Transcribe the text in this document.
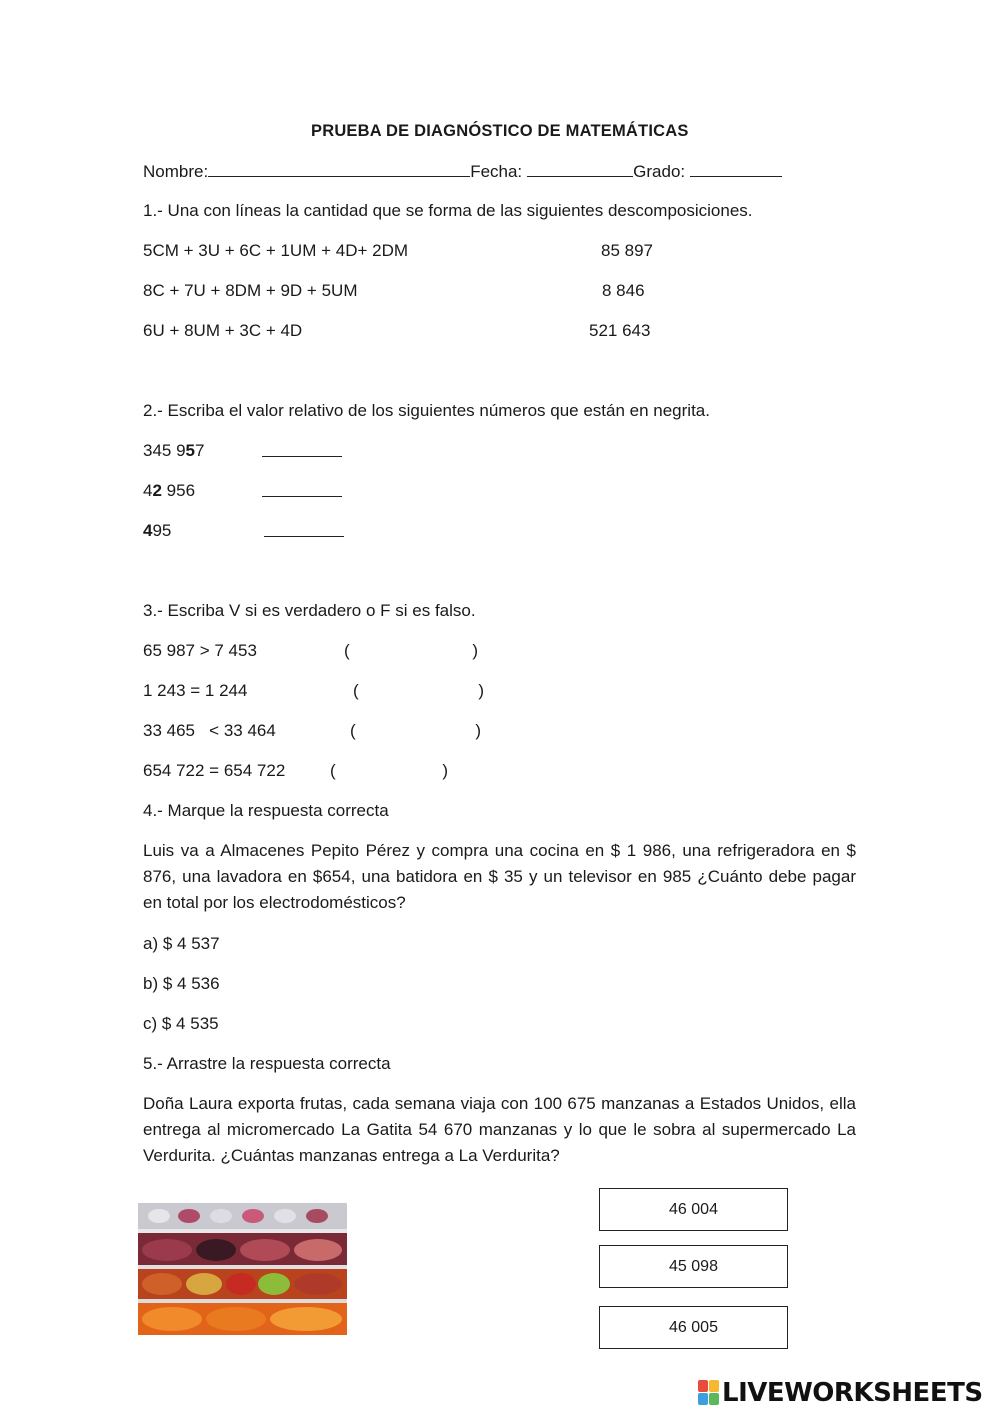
PRUEBA DE DIAGNÓSTICO DE MATEMÁTICAS
Nombre:	Fecha:	Grado:
1.- Una con líneas la cantidad que se forma de las siguientes descomposiciones.
5CM + 3U + 6C + 1UM + 4D+ 2DM	85 897
8C + 7U + 8DM + 9D + 5UM	8 846
6U + 8UM + 3C + 4D	521 643
2.- Escriba el valor relativo de los siguientes números que están en negrita.
345 957
42 956
495
3.- Escriba V si es verdadero o F si es falso.
65 987 > 7 453	(	)
1 243 = 1 244	(	)
33 465   < 33 464	(	)
654 722 = 654 722	(	)
4.- Marque la respuesta correcta
Luis va a Almacenes Pepito Pérez y compra una cocina en $ 1 986, una refrigeradora en $ 876, una lavadora en $654, una batidora en $ 35 y un televisor en 985 ¿Cuánto debe pagar en total por los electrodomésticos?
a) $ 4 537
b) $ 4 536
c) $ 4 535
5.- Arrastre la respuesta correcta
Doña Laura exporta frutas, cada semana viaja con 100 675 manzanas a Estados Unidos, ella entrega al micromercado La Gatita 54 670 manzanas y lo que le sobra al supermercado La Verdurita. ¿Cuántas manzanas entrega a La Verdurita?
46 004
45 098
46 005
LIVEWORKSHEETS
